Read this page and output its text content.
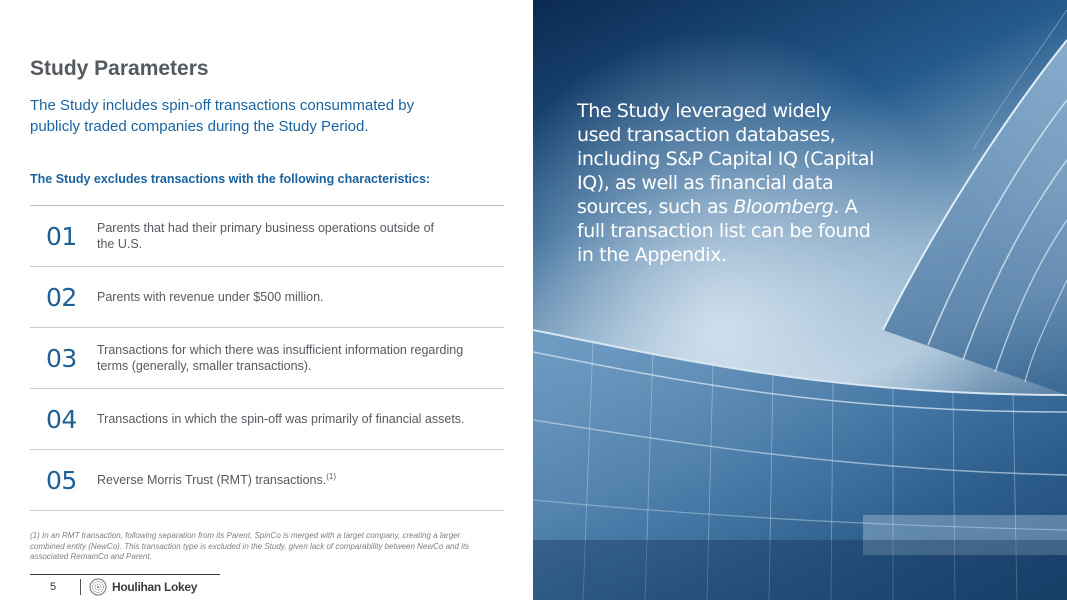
Study Parameters

The Study includes spin-off transactions consummated by publicly traded companies during the Study Period.

The Study excludes transactions with the following characteristics:

01	Parents that had their primary business operations outside of the U.S.
02	Parents with revenue under $500 million.
03	Transactions for which there was insufficient information regarding terms (generally, smaller transactions).
04	Transactions in which the spin-off was primarily of financial assets.
05	Reverse Morris Trust (RMT) transactions.$^{(1)}$

(1) In an RMT transaction, following separation from its Parent, SpinCo is merged with a target company, creating a larger combined entity (NewCo). This transaction type is excluded in the Study, given lack of comparability between NewCo and its associated RemainCo and Parent.

5	Houlihan Lokey

The Study leveraged widely used transaction databases, including S&P Capital IQ (Capital IQ), as well as financial data sources, such as Bloomberg. A full transaction list can be found in the Appendix.
